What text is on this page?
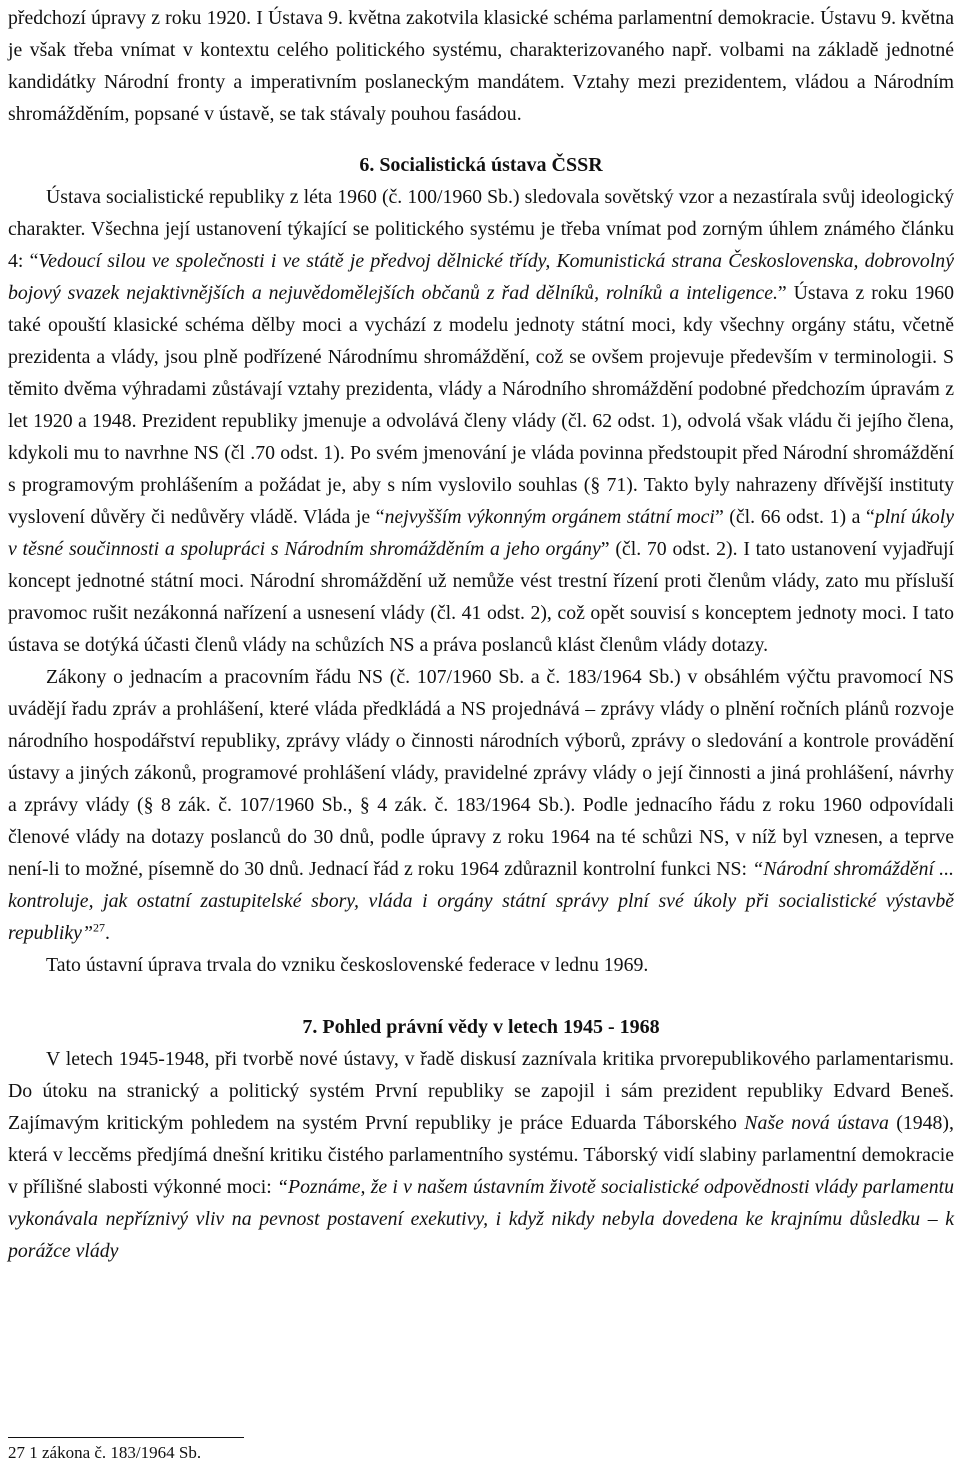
předchozí úpravy z roku 1920. I Ústava 9. května zakotvila klasické schéma parlamentní demokracie. Ústavu 9. května je však třeba vnímat v kontextu celého politického systému, charakterizovaného např. volbami na základě jednotné kandidátky Národní fronty a imperativním poslaneckým mandátem. Vztahy mezi prezidentem, vládou a Národním shromážděním, popsané v ústavě, se tak stávaly pouhou fasádou.

6. Socialistická ústava ČSSR

Ústava socialistické republiky z léta 1960 (č. 100/1960 Sb.) sledovala sovětský vzor a nezastírala svůj ideologický charakter. Všechna její ustanovení týkající se politického systému je třeba vnímat pod zorným úhlem známého článku 4: “Vedoucí silou ve společnosti i ve státě je předvoj dělnické třídy, Komunistická strana Československa, dobrovolný bojový svazek nejaktivnějších a nejuvědomělejších občanů z řad dělníků, rolníků a inteligence.” Ústava z roku 1960 také opouští klasické schéma dělby moci a vychází z modelu jednoty státní moci, kdy všechny orgány státu, včetně prezidenta a vlády, jsou plně podřízené Národnímu shromáždění, což se ovšem projevuje především v terminologii. S těmito dvěma výhradami zůstávají vztahy prezidenta, vlády a Národního shromáždění podobné předchozím úpravám z let 1920 a 1948. Prezident republiky jmenuje a odvolává členy vlády (čl. 62 odst. 1), odvolá však vládu či jejího člena, kdykoli mu to navrhne NS (čl .70 odst. 1). Po svém jmenování je vláda povinna předstoupit před Národní shromáždění s programovým prohlášením a požádat je, aby s ním vyslovilo souhlas (§ 71). Takto byly nahrazeny dřívější instituty vyslovení důvěry či nedůvěry vládě. Vláda je “nejvyšším výkonným orgánem státní moci” (čl. 66 odst. 1) a “plní úkoly v těsné součinnosti a spolupráci s Národním shromážděním a jeho orgány” (čl. 70 odst. 2). I tato ustanovení vyjadřují koncept jednotné státní moci. Národní shromáždění už nemůže vést trestní řízení proti členům vlády, zato mu přísluší pravomoc rušit nezákonná nařízení a usnesení vlády (čl. 41 odst. 2), což opět souvisí s konceptem jednoty moci. I tato ústava se dotýká účasti členů vlády na schůzích NS a práva poslanců klást členům vlády dotazy.

Zákony o jednacím a pracovním řádu NS (č. 107/1960 Sb. a č. 183/1964 Sb.) v obsáhlém výčtu pravomocí NS uvádějí řadu zpráv a prohlášení, které vláda předkládá a NS projednává – zprávy vlády o plnění ročních plánů rozvoje národního hospodářství republiky, zprávy vlády o činnosti národních výborů, zprávy o sledování a kontrole provádění ústavy a jiných zákonů, programové prohlášení vlády, pravidelné zprávy vlády o její činnosti a jiná prohlášení, návrhy a zprávy vlády (§ 8 zák. č. 107/1960 Sb., § 4 zák. č. 183/1964 Sb.). Podle jednacího řádu z roku 1960 odpovídali členové vlády na dotazy poslanců do 30 dnů, podle úpravy z roku 1964 na té schůzi NS, v níž byl vznesen, a teprve není-li to možné, písemně do 30 dnů. Jednací řád z roku 1964 zdůraznil kontrolní funkci NS: “Národní shromáždění ... kontroluje, jak ostatní zastupitelské sbory, vláda i orgány státní správy plní své úkoly při socialistické výstavbě republiky”$^{27}$.

Tato ústavní úprava trvala do vzniku československé federace v lednu 1969.

7. Pohled právní vědy v letech 1945 - 1968

V letech 1945-1948, při tvorbě nové ústavy, v řadě diskusí zaznívala kritika prvorepublikového parlamentarismu. Do útoku na stranický a politický systém První republiky se zapojil i sám prezident republiky Edvard Beneš. Zajímavým kritickým pohledem na systém První republiky je práce Eduarda Táborského Naše nová ústava (1948), která v leccěms předjímá dnešní kritiku čistého parlamentního systému. Táborský vidí slabiny parlamentní demokracie v přílišné slabosti výkonné moci: “Poznáme, že i v našem ústavním životě socialistické odpovědnosti vlády parlamentu vykonávala nepříznivý vliv na pevnost postavení exekutivy, i když nikdy nebyla dovedena ke krajnímu důsledku – k porážce vlády

27 1 zákona č. 183/1964 Sb.
